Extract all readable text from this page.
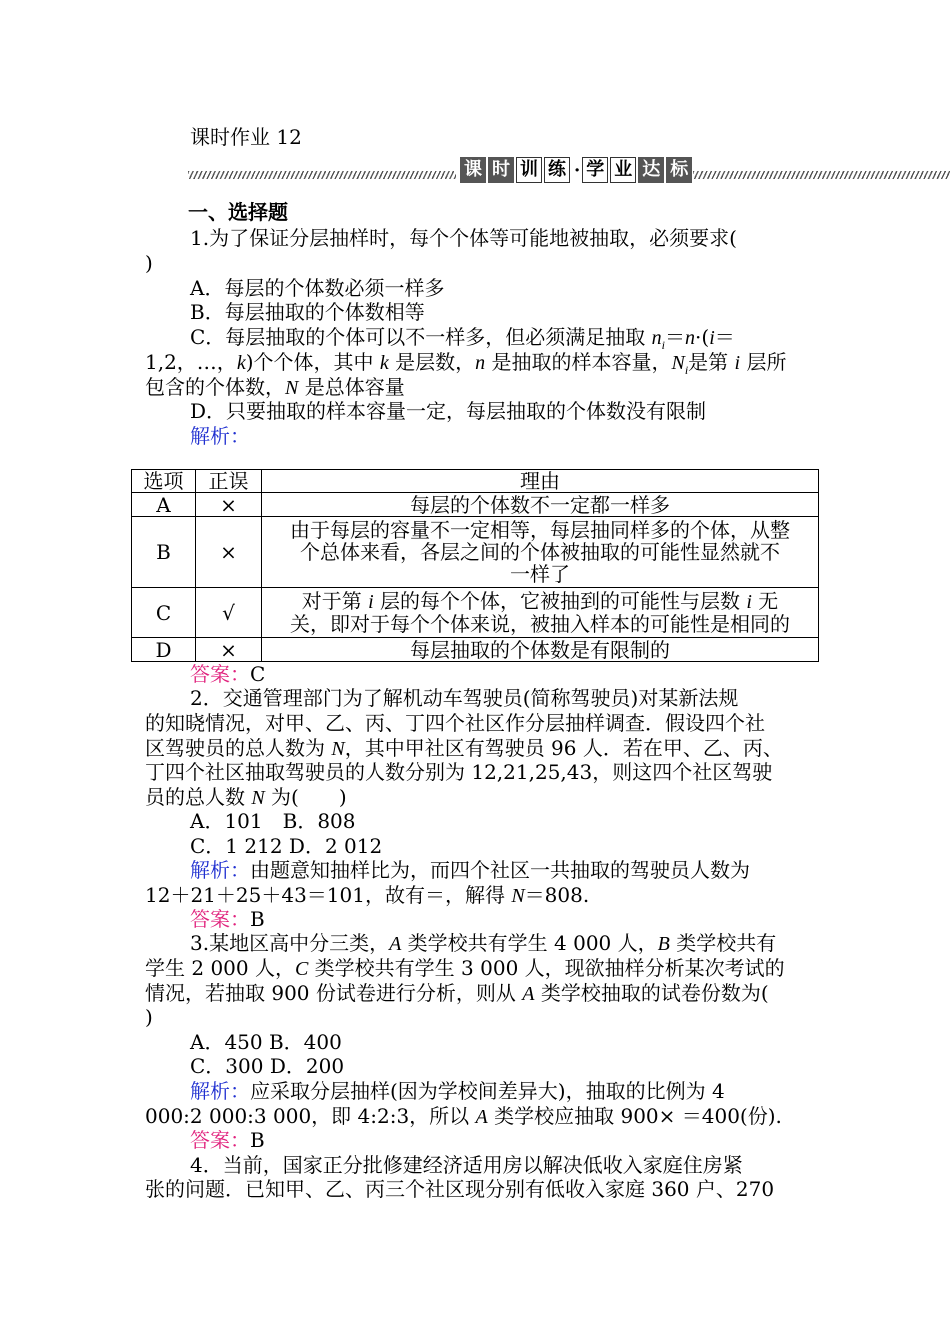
课时作业 12
课 时 训 练 · 学 业 达 标
一、选择题
1.为了保证分层抽样时，每个个体等可能地被抽取，必须要求(
)
A．每层的个体数必须一样多
B．每层抽取的个体数相等
C．每层抽取的个体可以不一样多，但必须满足抽取 $n_i=n\cdot(i=$
1,2，…，k)个个体，其中 k 是层数，n 是抽取的样本容量，$N_i$是第 i 层所
包含的个体数，N 是总体容量
D．只要抽取的样本容量一定，每层抽取的个体数没有限制
解析：
选项	正误	理由
A	×	每层的个体数不一定都一样多
B	×	由于每层的容量不一定相等，每层抽同样多的个体，从整
个总体来看，各层之间的个体被抽取的可能性显然就不
一样了

C	√	对于第 i 层的每个个体，它被抽到的可能性与层数 i 无
关，即对于每个个体来说，被抽入样本的可能性是相同的

D	×	每层抽取的个体数是有限制的
答案：C
2．交通管理部门为了解机动车驾驶员(简称驾驶员)对某新法规
的知晓情况，对甲、乙、丙、丁四个社区作分层抽样调查．假设四个社
区驾驶员的总人数为 N，其中甲社区有驾驶员 96 人．若在甲、乙、丙、
丁四个社区抽取驾驶员的人数分别为 12,21,25,43，则这四个社区驾驶
员的总人数 N 为(　　)
A．101　B．808
C．1 212 D．2 012
解析：由题意知抽样比为，而四个社区一共抽取的驾驶员人数为
12＋21＋25＋43＝101，故有＝，解得 N＝808.
答案：B
3.某地区高中分三类，A 类学校共有学生 4 000 人，B 类学校共有
学生 2 000 人，C 类学校共有学生 3 000 人，现欲抽样分析某次考试的
情况，若抽取 900 份试卷进行分析，则从 A 类学校抽取的试卷份数为(
)
A．450 B．400
C．300 D．200
解析：应采取分层抽样(因为学校间差异大)，抽取的比例为 4
000:2 000:3 000，即 4:2:3，所以 A 类学校应抽取 900× ＝400(份).
答案：B
4．当前，国家正分批修建经济适用房以解决低收入家庭住房紧
张的问题．已知甲、乙、丙三个社区现分别有低收入家庭 360 户、270
